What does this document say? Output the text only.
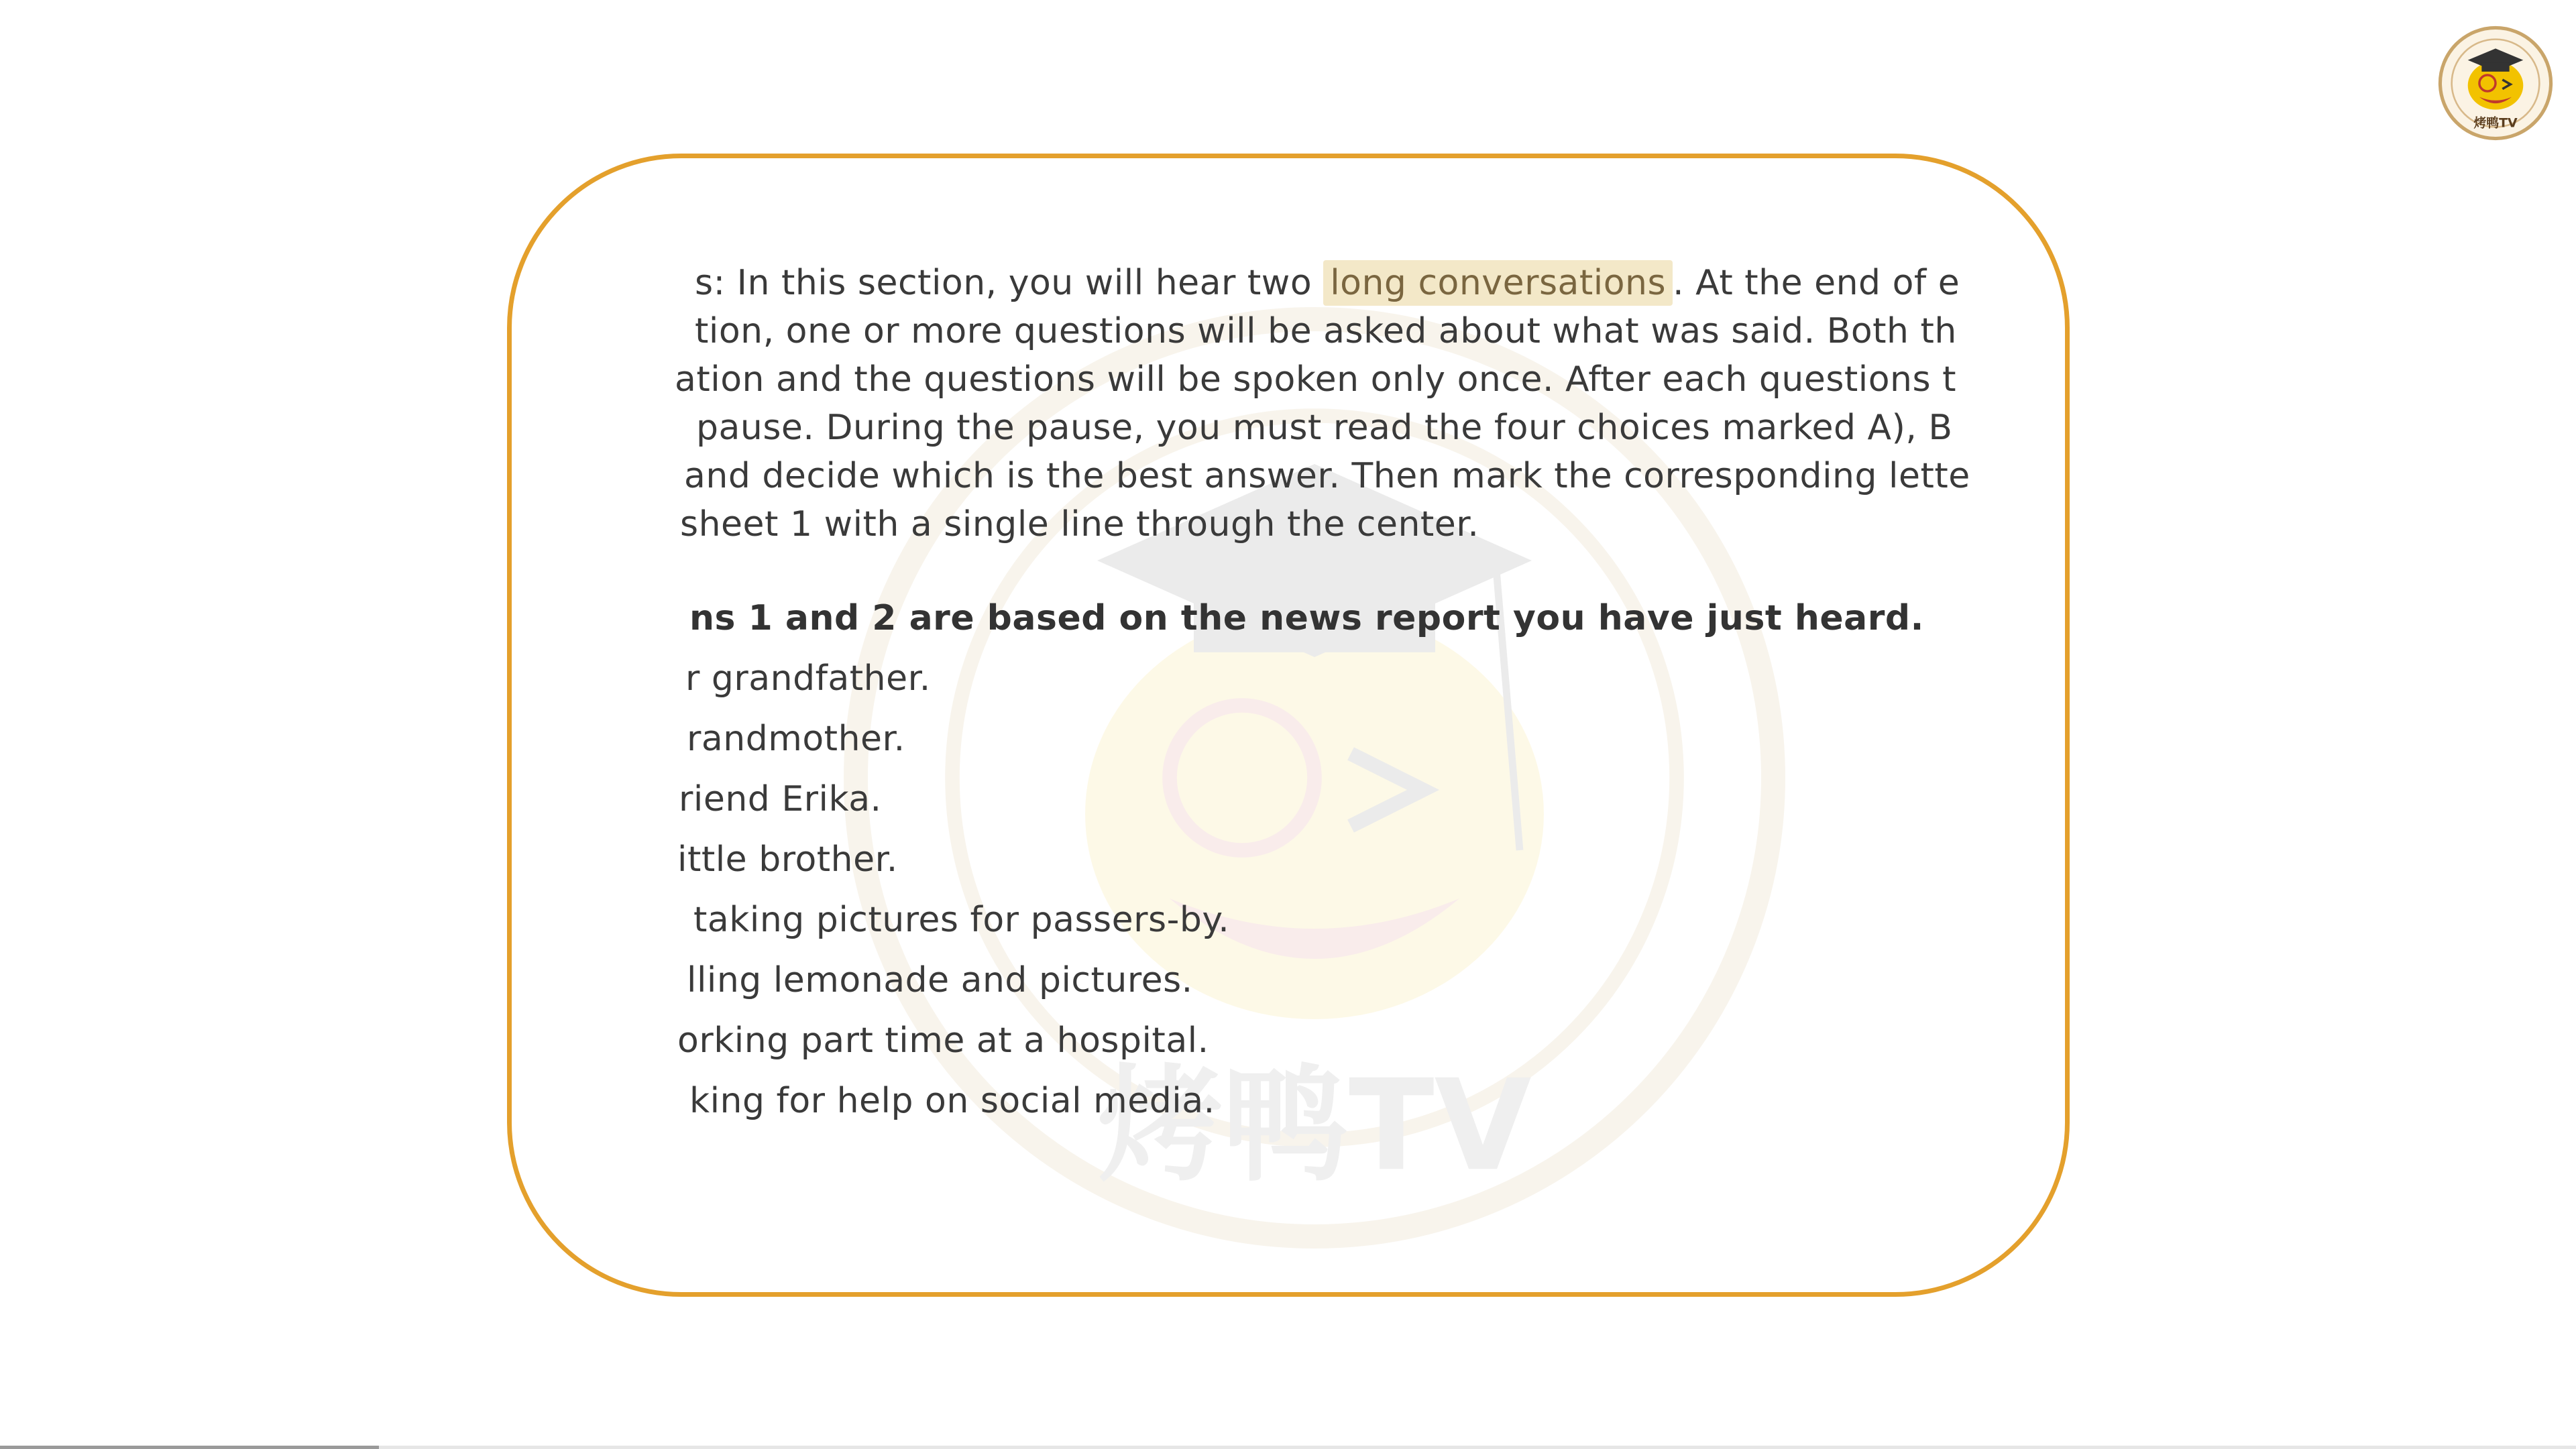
s: In this section, you will hear two long conversations . At the end of e
tion, one or more questions will be asked about what was said. Both th
ation and the questions will be spoken only once. After each questions t
pause. During the pause, you must read the four choices marked A), B
and decide which is the best answer. Then mark the corresponding lette
sheet 1 with a single line through the center.
ns 1 and 2 are based on the news report you have just heard.
r grandfather.
randmother.
riend Erika.
ittle brother.
taking pictures for passers-by.
lling lemonade and pictures.
orking part time at a hospital.
king for help on social media.
烤鸭TV
